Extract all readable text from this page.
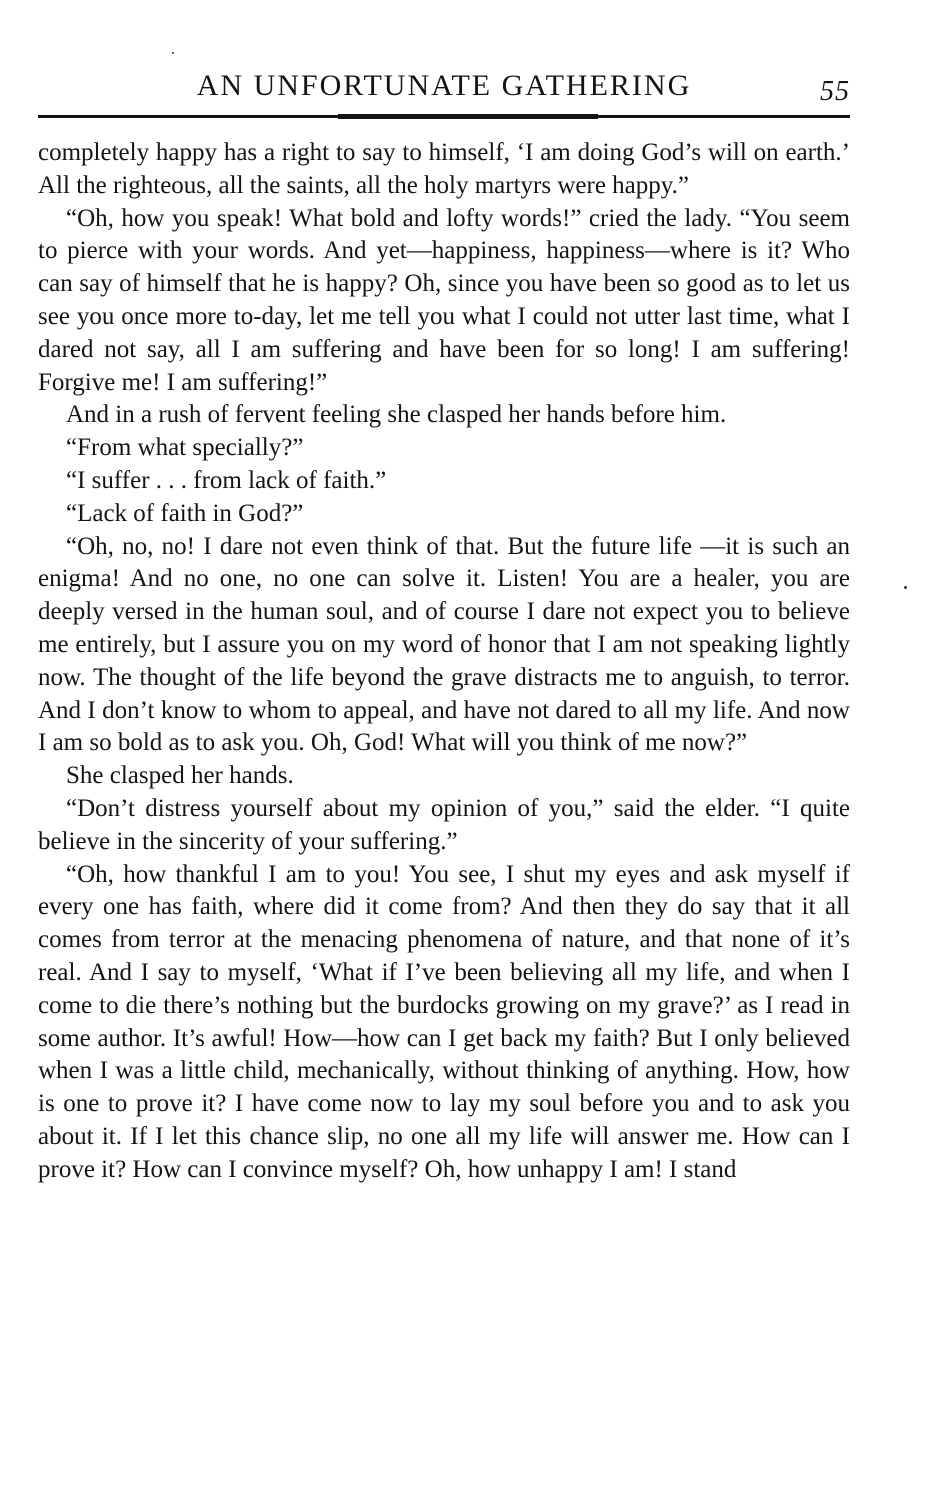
AN UNFORTUNATE GATHERING	55

completely happy has a right to say to himself, ‘I am doing God’s will on earth.’ All the righteous, all the saints, all the holy martyrs were happy.”

“Oh, how you speak! What bold and lofty words!” cried the lady. “You seem to pierce with your words. And yet—happiness, happiness—where is it? Who can say of himself that he is happy? Oh, since you have been so good as to let us see you once more to-day, let me tell you what I could not utter last time, what I dared not say, all I am suffering and have been for so long! I am suffering! Forgive me! I am suffering!”

And in a rush of fervent feeling she clasped her hands before him.

“From what specially?”

“I suffer . . . from lack of faith.”

“Lack of faith in God?”

“Oh, no, no! I dare not even think of that. But the future life —it is such an enigma! And no one, no one can solve it. Listen! You are a healer, you are deeply versed in the human soul, and of course I dare not expect you to believe me entirely, but I assure you on my word of honor that I am not speaking lightly now. The thought of the life beyond the grave distracts me to anguish, to terror. And I don’t know to whom to appeal, and have not dared to all my life. And now I am so bold as to ask you. Oh, God! What will you think of me now?”

She clasped her hands.

“Don’t distress yourself about my opinion of you,” said the elder. “I quite believe in the sincerity of your suffering.”

“Oh, how thankful I am to you! You see, I shut my eyes and ask myself if every one has faith, where did it come from? And then they do say that it all comes from terror at the menacing phenomena of nature, and that none of it’s real. And I say to myself, ‘What if I’ve been believing all my life, and when I come to die there’s nothing but the burdocks growing on my grave?’ as I read in some author. It’s awful! How—how can I get back my faith? But I only believed when I was a little child, mechanically, without thinking of anything. How, how is one to prove it? I have come now to lay my soul before you and to ask you about it. If I let this chance slip, no one all my life will answer me. How can I prove it? How can I convince myself? Oh, how unhappy I am! I stand
